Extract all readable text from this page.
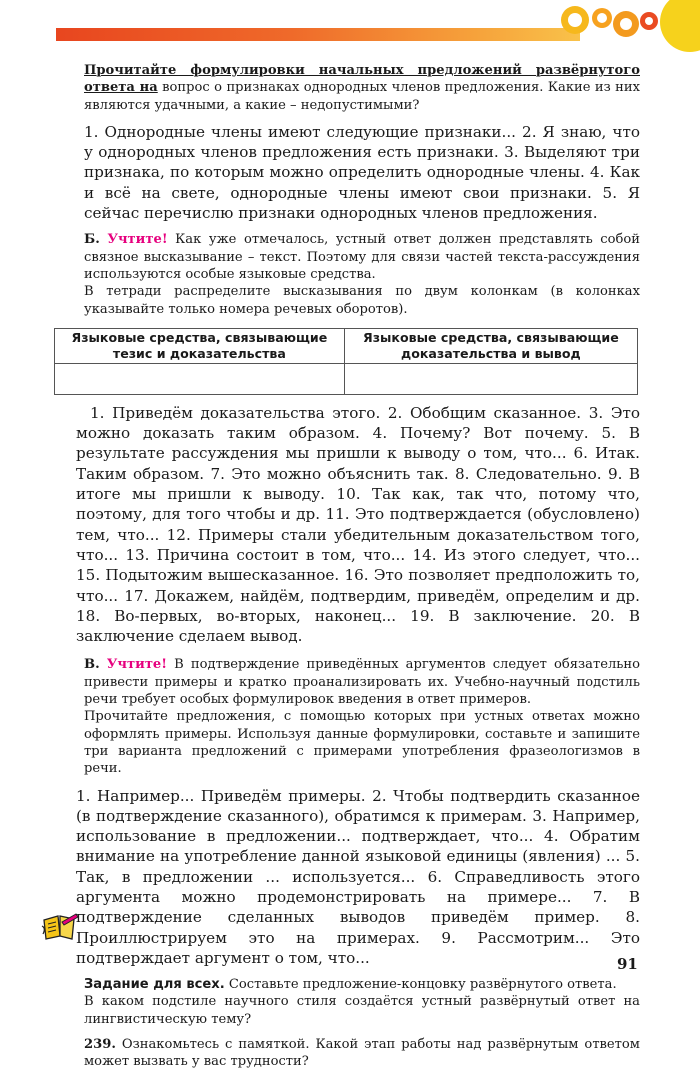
Прочитайте формулировки начальных предложений развёрнутого ответа на вопрос о признаках однородных членов предложения. Какие из них являются удачными, а какие – недопустимыми?

1. Однородные члены имеют следующие признаки... 2. Я знаю, что у однородных членов предложения есть признаки. 3. Выделяют три признака, по которым можно определить однородные члены. 4. Как и всё на свете, однородные члены имеют свои признаки. 5. Я сейчас перечислю признаки однородных членов предложения.

Б. Учтите! Как уже отмечалось, устный ответ должен представлять собой связное высказывание – текст. Поэтому для связи частей текста-рассуждения используются особые языковые средства.

В тетради распределите высказывания по двум колонкам (в колонках указывайте только номера речевых оборотов).

Языковые средства, связывающие тезис и доказательства	Языковые средства, связывающие доказательства и вывод

1. Приведём доказательства этого. 2. Обобщим сказанное. 3. Это можно доказать таким образом. 4. Почему? Вот почему. 5. В результате рассуждения мы пришли к выводу о том, что... 6. Итак. Таким образом. 7. Это можно объяснить так. 8. Следовательно. 9. В итоге мы пришли к выводу. 10. Так как, так что, потому что, поэтому, для того чтобы и др. 11. Это подтверждается (обусловлено) тем, что... 12. Примеры стали убедительным доказательством того, что... 13. Причина состоит в том, что... 14. Из этого следует, что... 15. Подытожим вышесказанное. 16. Это позволяет предположить то, что... 17. Докажем, найдём, подтвердим, приведём, определим и др. 18. Во-первых, во-вторых, наконец... 19. В заключение. 20. В заключение сделаем вывод.

В. Учтите! В подтверждение приведённых аргументов следует обязательно привести примеры и кратко проанализировать их. Учебно-научный подстиль речи требует особых формулировок введения в ответ примеров.

Прочитайте предложения, с помощью которых при устных ответах можно оформлять примеры. Используя данные формулировки, составьте и запишите три варианта предложений с примерами употребления фразеологизмов в речи.

1. Например... Приведём примеры. 2. Чтобы подтвердить сказанное (в подтверждение сказанного), обратимся к примерам. 3. Например, использование в предложении... подтверждает, что... 4. Обратим внимание на употребление данной языковой единицы (явления) ... 5. Так, в предложении ... используется... 6. Справедливость этого аргумента можно продемонстрировать на примере... 7. В подтверждение сделанных выводов приведём пример. 8. Проиллюстрируем это на примерах. 9. Рассмотрим... Это подтверждает аргумент о том, что...

Задание для всех. Составьте предложение-концовку развёрнутого ответа.

В каком подстиле научного стиля создаётся устный развёрнутый ответ на лингвистическую тему?

239. Ознакомьтесь с памяткой. Какой этап работы над развёрнутым ответом может вызвать у вас трудности?

91
